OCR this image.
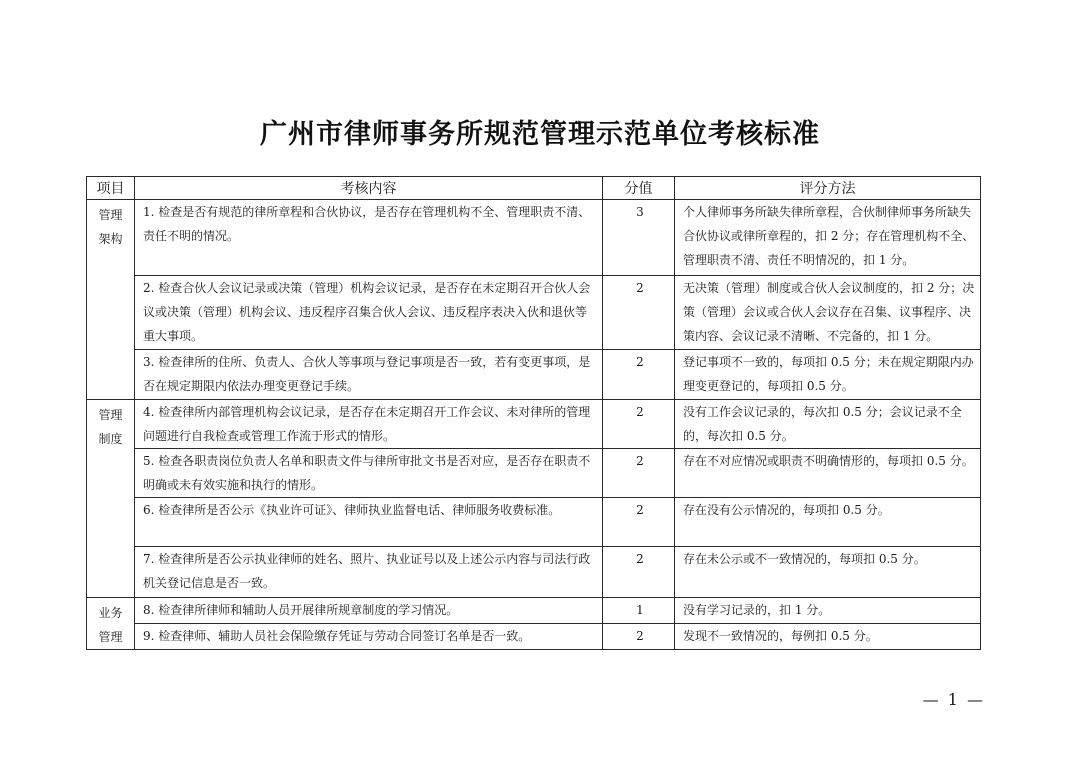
广州市律师事务所规范管理示范单位考核标准
项目	考核内容	分值	评分方法
管理
架构	1. 检查是否有规范的律所章程和合伙协议，是否存在管理机构不全、管理职责不清、责任不明的情况。	3	个人律师事务所缺失律所章程，合伙制律师事务所缺失合伙协议或律所章程的，扣 2 分；存在管理机构不全、管理职责不清、责任不明情况的，扣 1 分。
	2. 检查合伙人会议记录或决策（管理）机构会议记录，是否存在未定期召开合伙人会议或决策（管理）机构会议、违反程序召集合伙人会议、违反程序表决入伙和退伙等重大事项。	2	无决策（管理）制度或合伙人会议制度的，扣 2 分；决策（管理）会议或合伙人会议存在召集、议事程序、决策内容、会议记录不清晰、不完备的，扣 1 分。
	3. 检查律所的住所、负责人、合伙人等事项与登记事项是否一致，若有变更事项，是否在规定期限内依法办理变更登记手续。	2	登记事项不一致的，每项扣 0.5 分；未在规定期限内办理变更登记的，每项扣 0.5 分。
管理
制度	4. 检查律所内部管理机构会议记录，是否存在未定期召开工作会议、未对律所的管理问题进行自我检查或管理工作流于形式的情形。	2	没有工作会议记录的，每次扣 0.5 分；会议记录不全的，每次扣 0.5 分。
	5. 检查各职责岗位负责人名单和职责文件与律所审批文书是否对应，是否存在职责不明确或未有效实施和执行的情形。	2	存在不对应情况或职责不明确情形的，每项扣 0.5 分。
	6. 检查律所是否公示《执业许可证》、律师执业监督电话、律师服务收费标准。	2	存在没有公示情况的，每项扣 0.5 分。
	7. 检查律所是否公示执业律师的姓名、照片、执业证号以及上述公示内容与司法行政机关登记信息是否一致。	2	存在未公示或不一致情况的，每项扣 0.5 分。
业务
管理	8. 检查律所律师和辅助人员开展律所规章制度的学习情况。	1	没有学习记录的，扣 1 分。
	9. 检查律师、辅助人员社会保险缴存凭证与劳动合同签订名单是否一致。	2	发现不一致情况的，每例扣 0.5 分。
— 1 —
